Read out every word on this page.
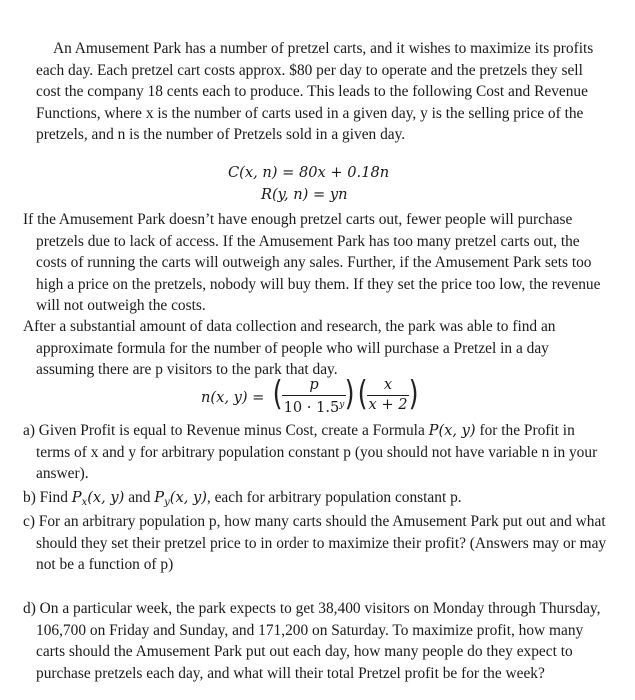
An Amusement Park has a number of pretzel carts, and it wishes to maximize its profits each day. Each pretzel cart costs approx. $80 per day to operate and the pretzels they sell cost the company 18 cents each to produce. This leads to the following Cost and Revenue Functions, where x is the number of carts used in a given day, y is the selling price of the pretzels, and n is the number of Pretzels sold in a given day.
C(x, n) = 80x + 0.18n
R(y, n) = yn
If the Amusement Park doesn’t have enough pretzel carts out, fewer people will purchase pretzels due to lack of access. If the Amusement Park has too many pretzel carts out, the costs of running the carts will outweigh any sales. Further, if the Amusement Park sets too high a price on the pretzels, nobody will buy them. If they set the price too low, the revenue will not outweigh the costs.
After a substantial amount of data collection and research, the park was able to find an approximate formula for the number of people who will purchase a Pretzel in a day assuming there are p visitors to the park that day.
n(x, y) = (	p
$10 \cdot 1.5^y$ ) (	x
x + 2 )
a) Given Profit is equal to Revenue minus Cost, create a Formula P(x, y) for the Profit in terms of x and y for arbitrary population constant p (you should not have variable n in your answer).
b) Find $P_x(x$, y) and $P_y(x$, y), each for arbitrary population constant p.
c) For an arbitrary population p, how many carts should the Amusement Park put out and what should they set their pretzel price to in order to maximize their profit? (Answers may or may not be a function of p)
d) On a particular week, the park expects to get 38,400 visitors on Monday through Thursday, 106,700 on Friday and Sunday, and 171,200 on Saturday. To maximize profit, how many carts should the Amusement Park put out each day, how many people do they expect to purchase pretzels each day, and what will their total Pretzel profit be for the week?
